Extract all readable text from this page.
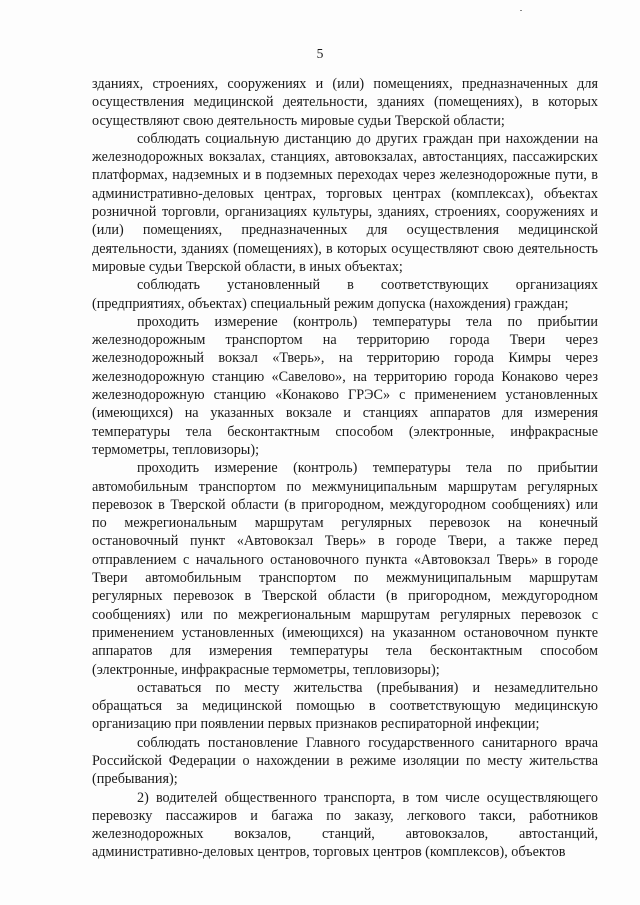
5

зданиях, строениях, сооружениях и (или) помещениях, предназначенных для осуществления медицинской деятельности, зданиях (помещениях), в которых осуществляют свою деятельность мировые судьи Тверской области;

соблюдать социальную дистанцию до других граждан при нахождении на железнодорожных вокзалах, станциях, автовокзалах, автостанциях, пассажирских платформах, надземных и в подземных переходах через железнодорожные пути, в административно-деловых центрах, торговых центрах (комплексах), объектах розничной торговли, организациях культуры, зданиях, строениях, сооружениях и (или) помещениях, предназначенных для осуществления медицинской деятельности, зданиях (помещениях), в которых осуществляют свою деятельность мировые судьи Тверской области, в иных объектах;

соблюдать установленный в соответствующих организациях (предприятиях, объектах) специальный режим допуска (нахождения) граждан;

проходить измерение (контроль) температуры тела по прибытии железнодорожным транспортом на территорию города Твери через железнодорожный вокзал «Тверь», на территорию города Кимры через железнодорожную станцию «Савелово», на территорию города Конаково через железнодорожную станцию «Конаково ГРЭС» с применением установленных (имеющихся) на указанных вокзале и станциях аппаратов для измерения температуры тела бесконтактным способом (электронные, инфракрасные термометры, тепловизоры);

проходить измерение (контроль) температуры тела по прибытии автомобильным транспортом по межмуниципальным маршрутам регулярных перевозок в Тверской области (в пригородном, междугородном сообщениях) или по межрегиональным маршрутам регулярных перевозок на конечный остановочный пункт «Автовокзал Тверь» в городе Твери, а также перед отправлением с начального остановочного пункта «Автовокзал Тверь» в городе Твери автомобильным транспортом по межмуниципальным маршрутам регулярных перевозок в Тверской области (в пригородном, междугородном сообщениях) или по межрегиональным маршрутам регулярных перевозок с применением установленных (имеющихся) на указанном остановочном пункте аппаратов для измерения температуры тела бесконтактным способом (электронные, инфракрасные термометры, тепловизоры);

оставаться по месту жительства (пребывания) и незамедлительно обращаться за медицинской помощью в соответствующую медицинскую организацию при появлении первых признаков респираторной инфекции;

соблюдать постановление Главного государственного санитарного врача Российской Федерации о нахождении в режиме изоляции по месту жительства (пребывания);

2) водителей общественного транспорта, в том числе осуществляющего перевозку пассажиров и багажа по заказу, легкового такси, работников железнодорожных вокзалов, станций, автовокзалов, автостанций, административно-деловых центров, торговых центров (комплексов), объектов
